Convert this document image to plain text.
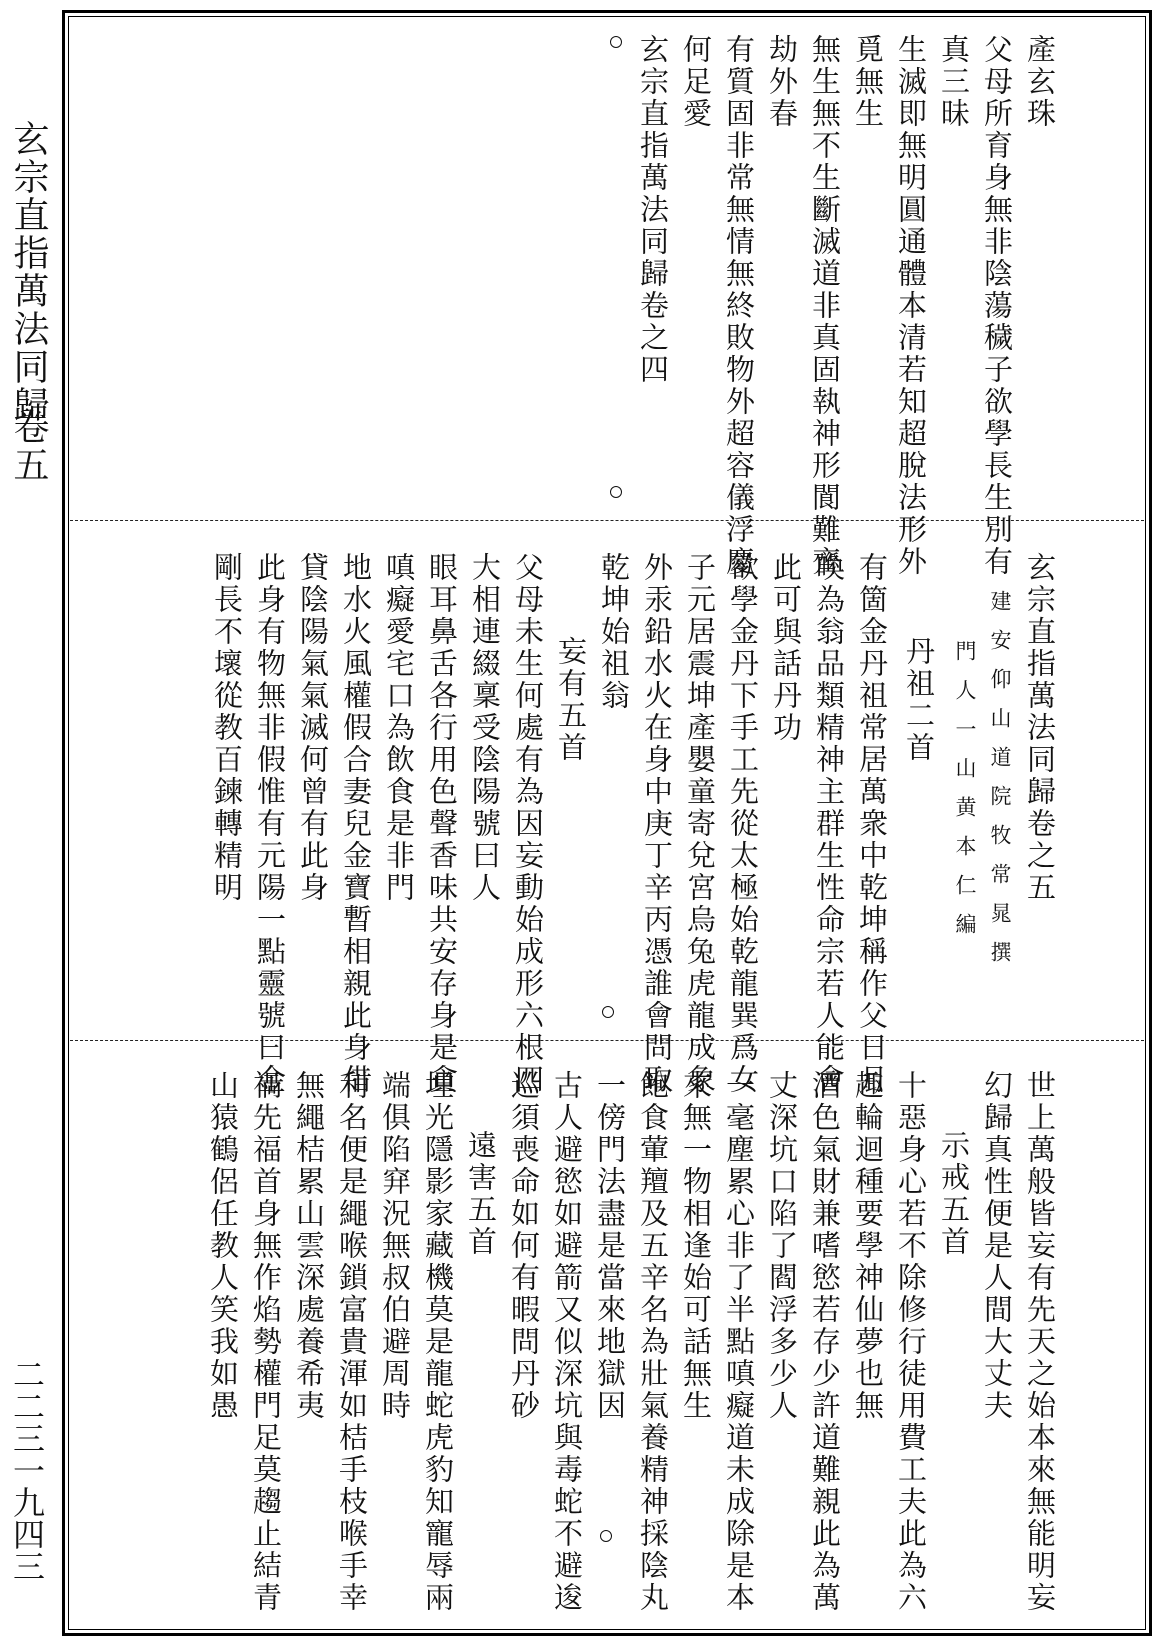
玄宗直指萬法同歸
卷五
二二三一九四三
產玄珠
父母所育身無非陰蕩穢子欲學長生別有
真三昧
生滅即無明圓通體本清若知超脫法形外
覓無生
無生無不生斷滅道非真固執神形閬難齊
劫外春
有質固非常無情無終敗物外超容儀浮慶
何足愛
玄宗直指萬法同歸卷之四
玄宗直指萬法同歸卷之五
建安仰山道院牧常晁撰
門人一山黄本仁編
丹祖二首
有箇金丹祖常居萬衆中乾坤稱作父日月
喚為翁品類精神主群生性命宗若人能會
此可與話丹功
欲學金丹下手工先從太極始乾龍巽爲女
子元居震坤產嬰童寄兌宮烏兔虎龍成象
外汞鉛水火在身中庚丁辛丙憑誰會問取
乾坤始祖翁
妄有五首
父母未生何處有為因妄動始成形六根四
大相連綴稟受陰陽號曰人
眼耳鼻舌各行用色聲香味共安存身是貪
嗔癡愛宅口為飲食是非門
地水火風權假合妻兒金寶暫相親此身借
貸陰陽氣氣滅何曾有此身
此身有物無非假惟有元陽一點靈號曰金
剛長不壞從教百鍊轉精明
世上萬般皆妄有先天之始本來無能明妄
幻歸真性便是人間大丈夫
示戒五首
十惡身心若不除修行徒用費工夫此為六
趣輪迴種要學神仙夢也無
酒色氣財兼嗜慾若存少許道難親此為萬
丈深坑口陷了閻浮多少人
一毫塵累心非了半點嗔癡道未成除是本
來無一物相逢始可話無生
飽食葷羶及五辛名為壯氣養精神採陰丸
一傍門法盡是當來地獄因
古人避慾如避箭又似深坑與毒蛇不避逡
巡須喪命如何有暇問丹砂
遠害五首
埋光隱影家藏機莫是龍蛇虎豹知寵辱兩
端俱陷穽況無叔伯避周時
利名便是繩喉鎖富貴渾如桔手枝喉手幸
無繩桔累山雲深處養希夷
禍先福首身無作焰勢權門足莫趨止結青
山猿鶴侶任教人笑我如愚
